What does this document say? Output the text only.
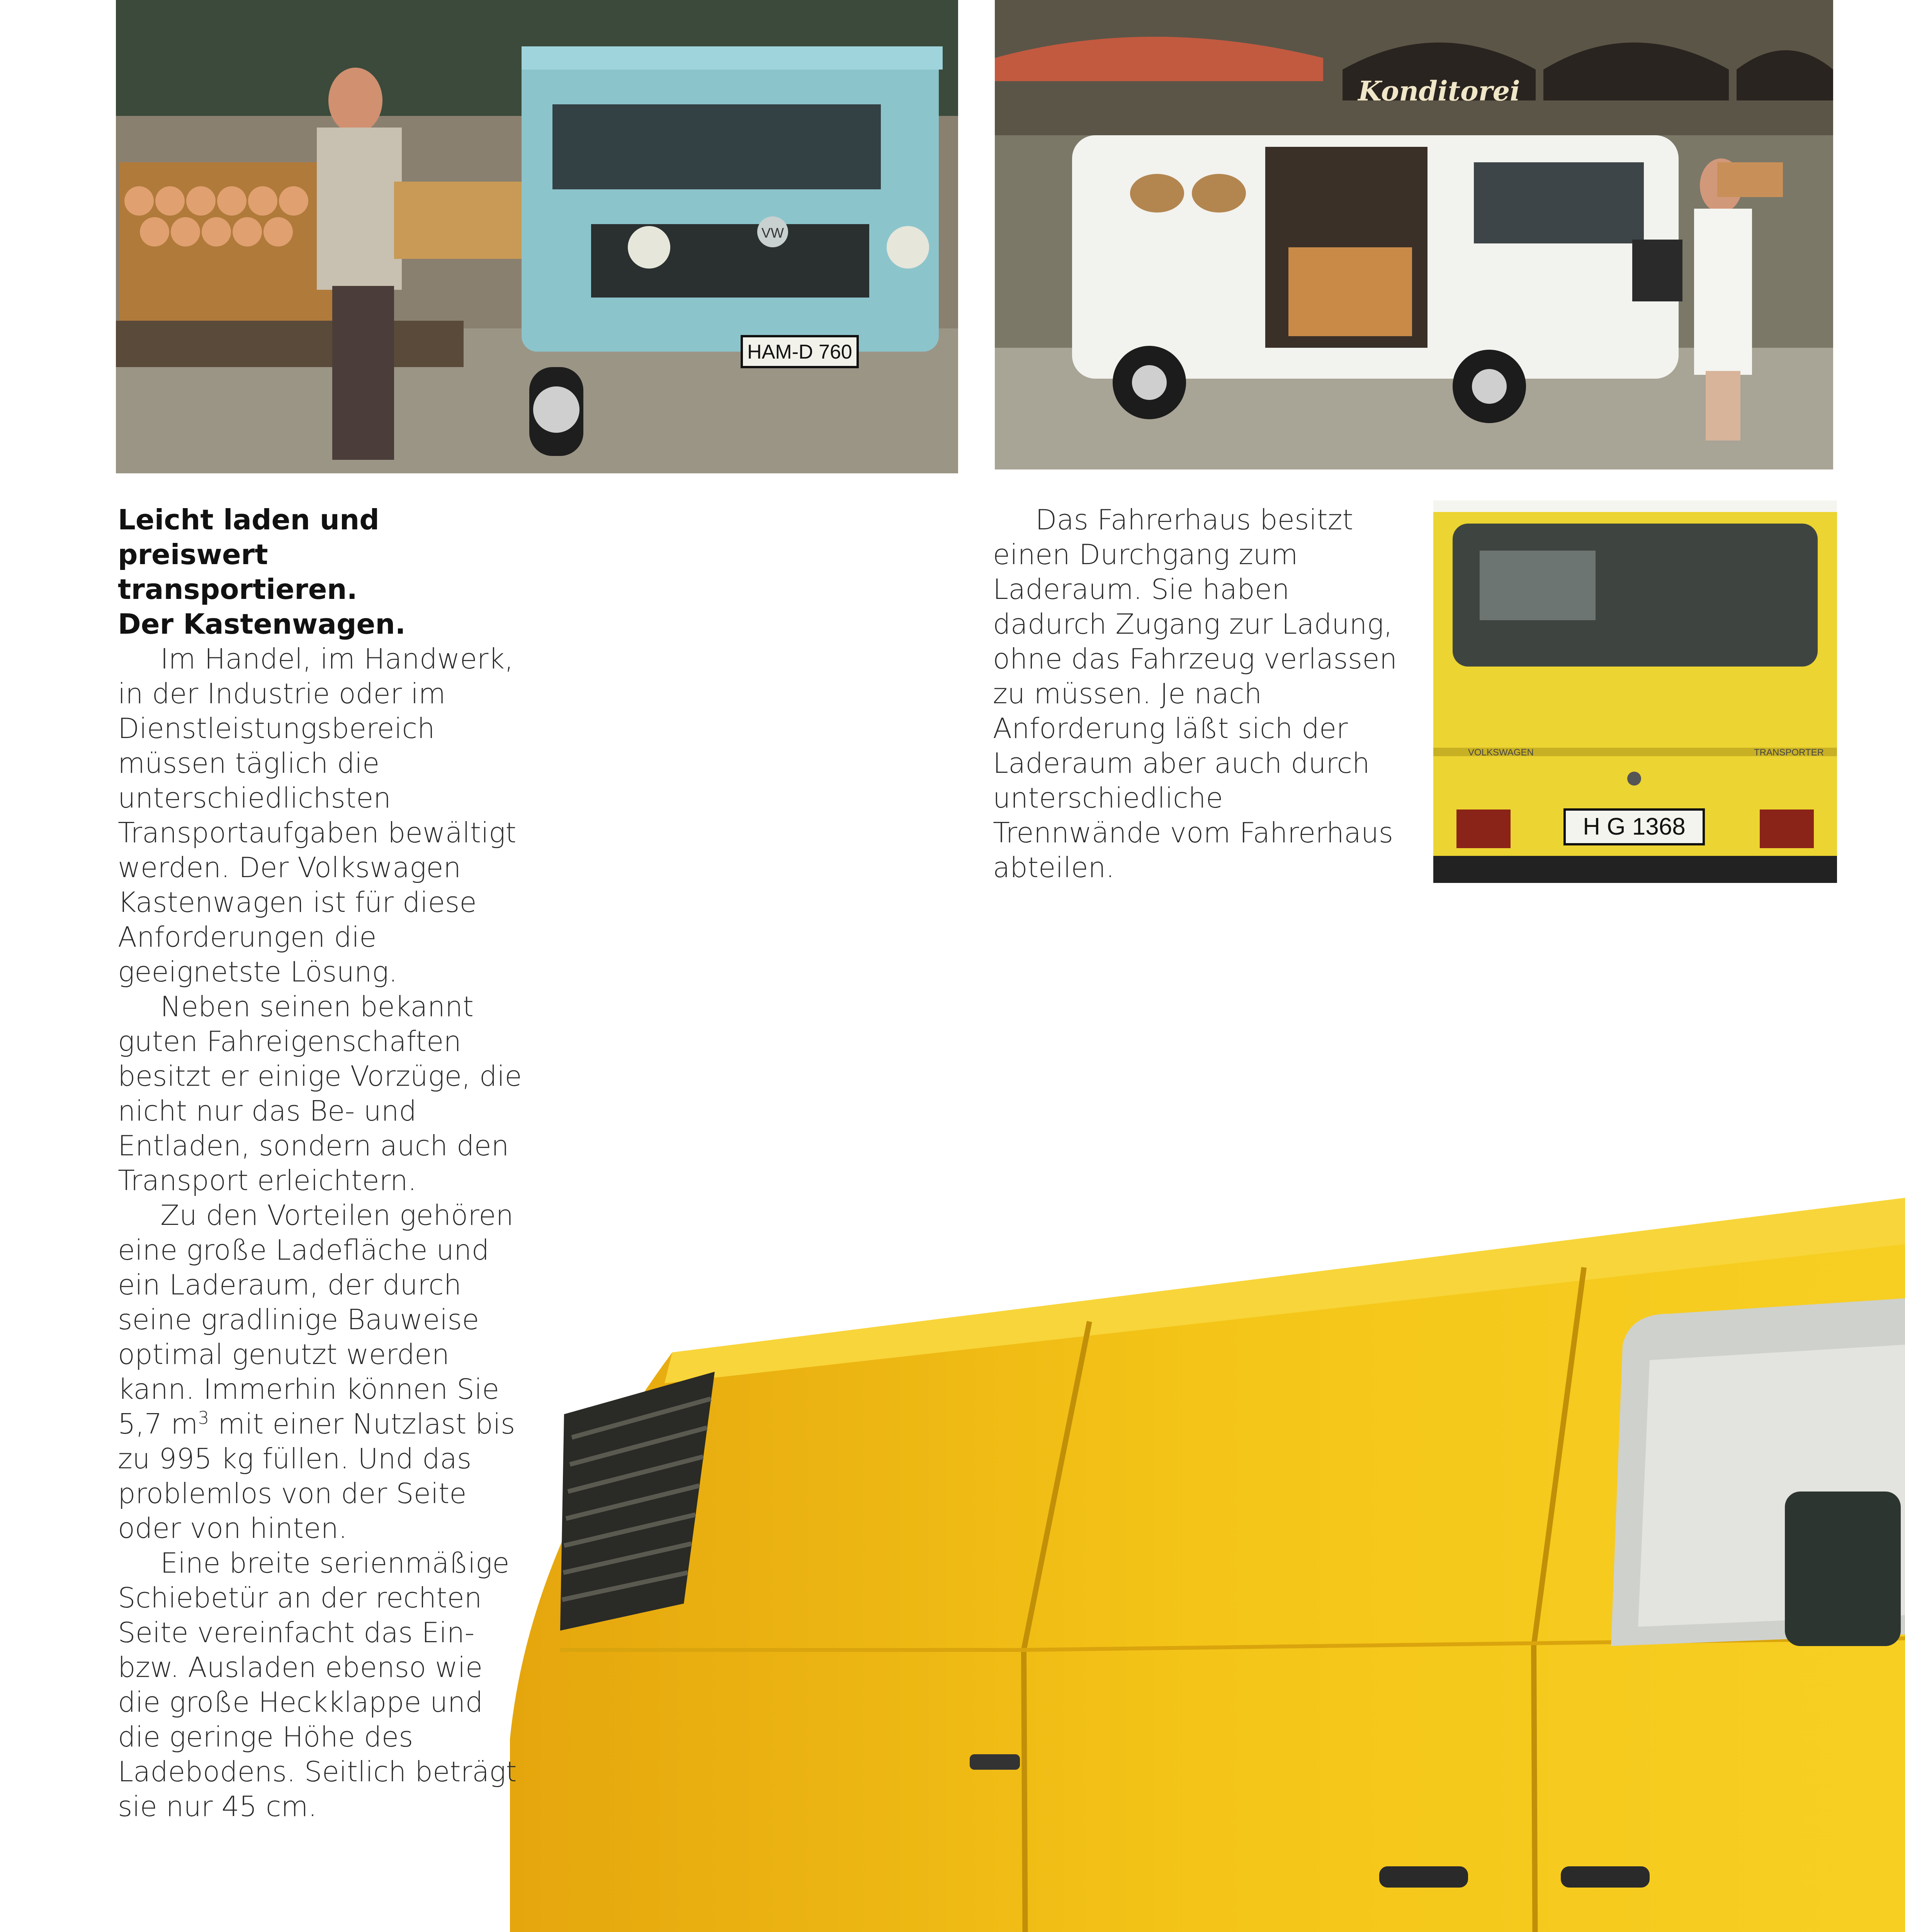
VW
HAM-D 760
Konditorei
VOLKSWAGEN	TRANSPORTER
H G 1368
Leicht laden und preiswert
transportieren.
Der Kastenwagen.
Im Handel, im Handwerk, in der Industrie oder im Dienstleistungsbereich müssen täglich die unterschiedlichsten Transportaufgaben bewältigt werden. Der Volkswagen Kastenwagen ist für diese Anforderungen die geeignetste Lösung.
Neben seinen bekannt guten Fahreigenschaften besitzt er einige Vorzüge, die nicht nur das Be- und Entladen, sondern auch den Transport erleichtern.
Zu den Vorteilen gehören eine große Ladefläche und ein Laderaum, der durch seine gradlinige Bauweise optimal genutzt werden kann. Immerhin können Sie 5,7 $m^3$ mit einer Nutzlast bis zu 995 kg füllen. Und das problemlos von der Seite oder von hinten.
Eine breite serienmäßige Schiebetür an der rechten Seite vereinfacht das Ein- bzw. Ausladen ebenso wie die große Heckklappe und die geringe Höhe des Ladebodens. Seitlich beträgt sie nur 45 cm.
Das Fahrerhaus besitzt einen Durchgang zum Laderaum. Sie haben dadurch Zugang zur Ladung, ohne das Fahrzeug verlassen zu müssen. Je nach Anforderung läßt sich der Laderaum aber auch durch unterschiedliche Trennwände vom Fahrerhaus abteilen.
